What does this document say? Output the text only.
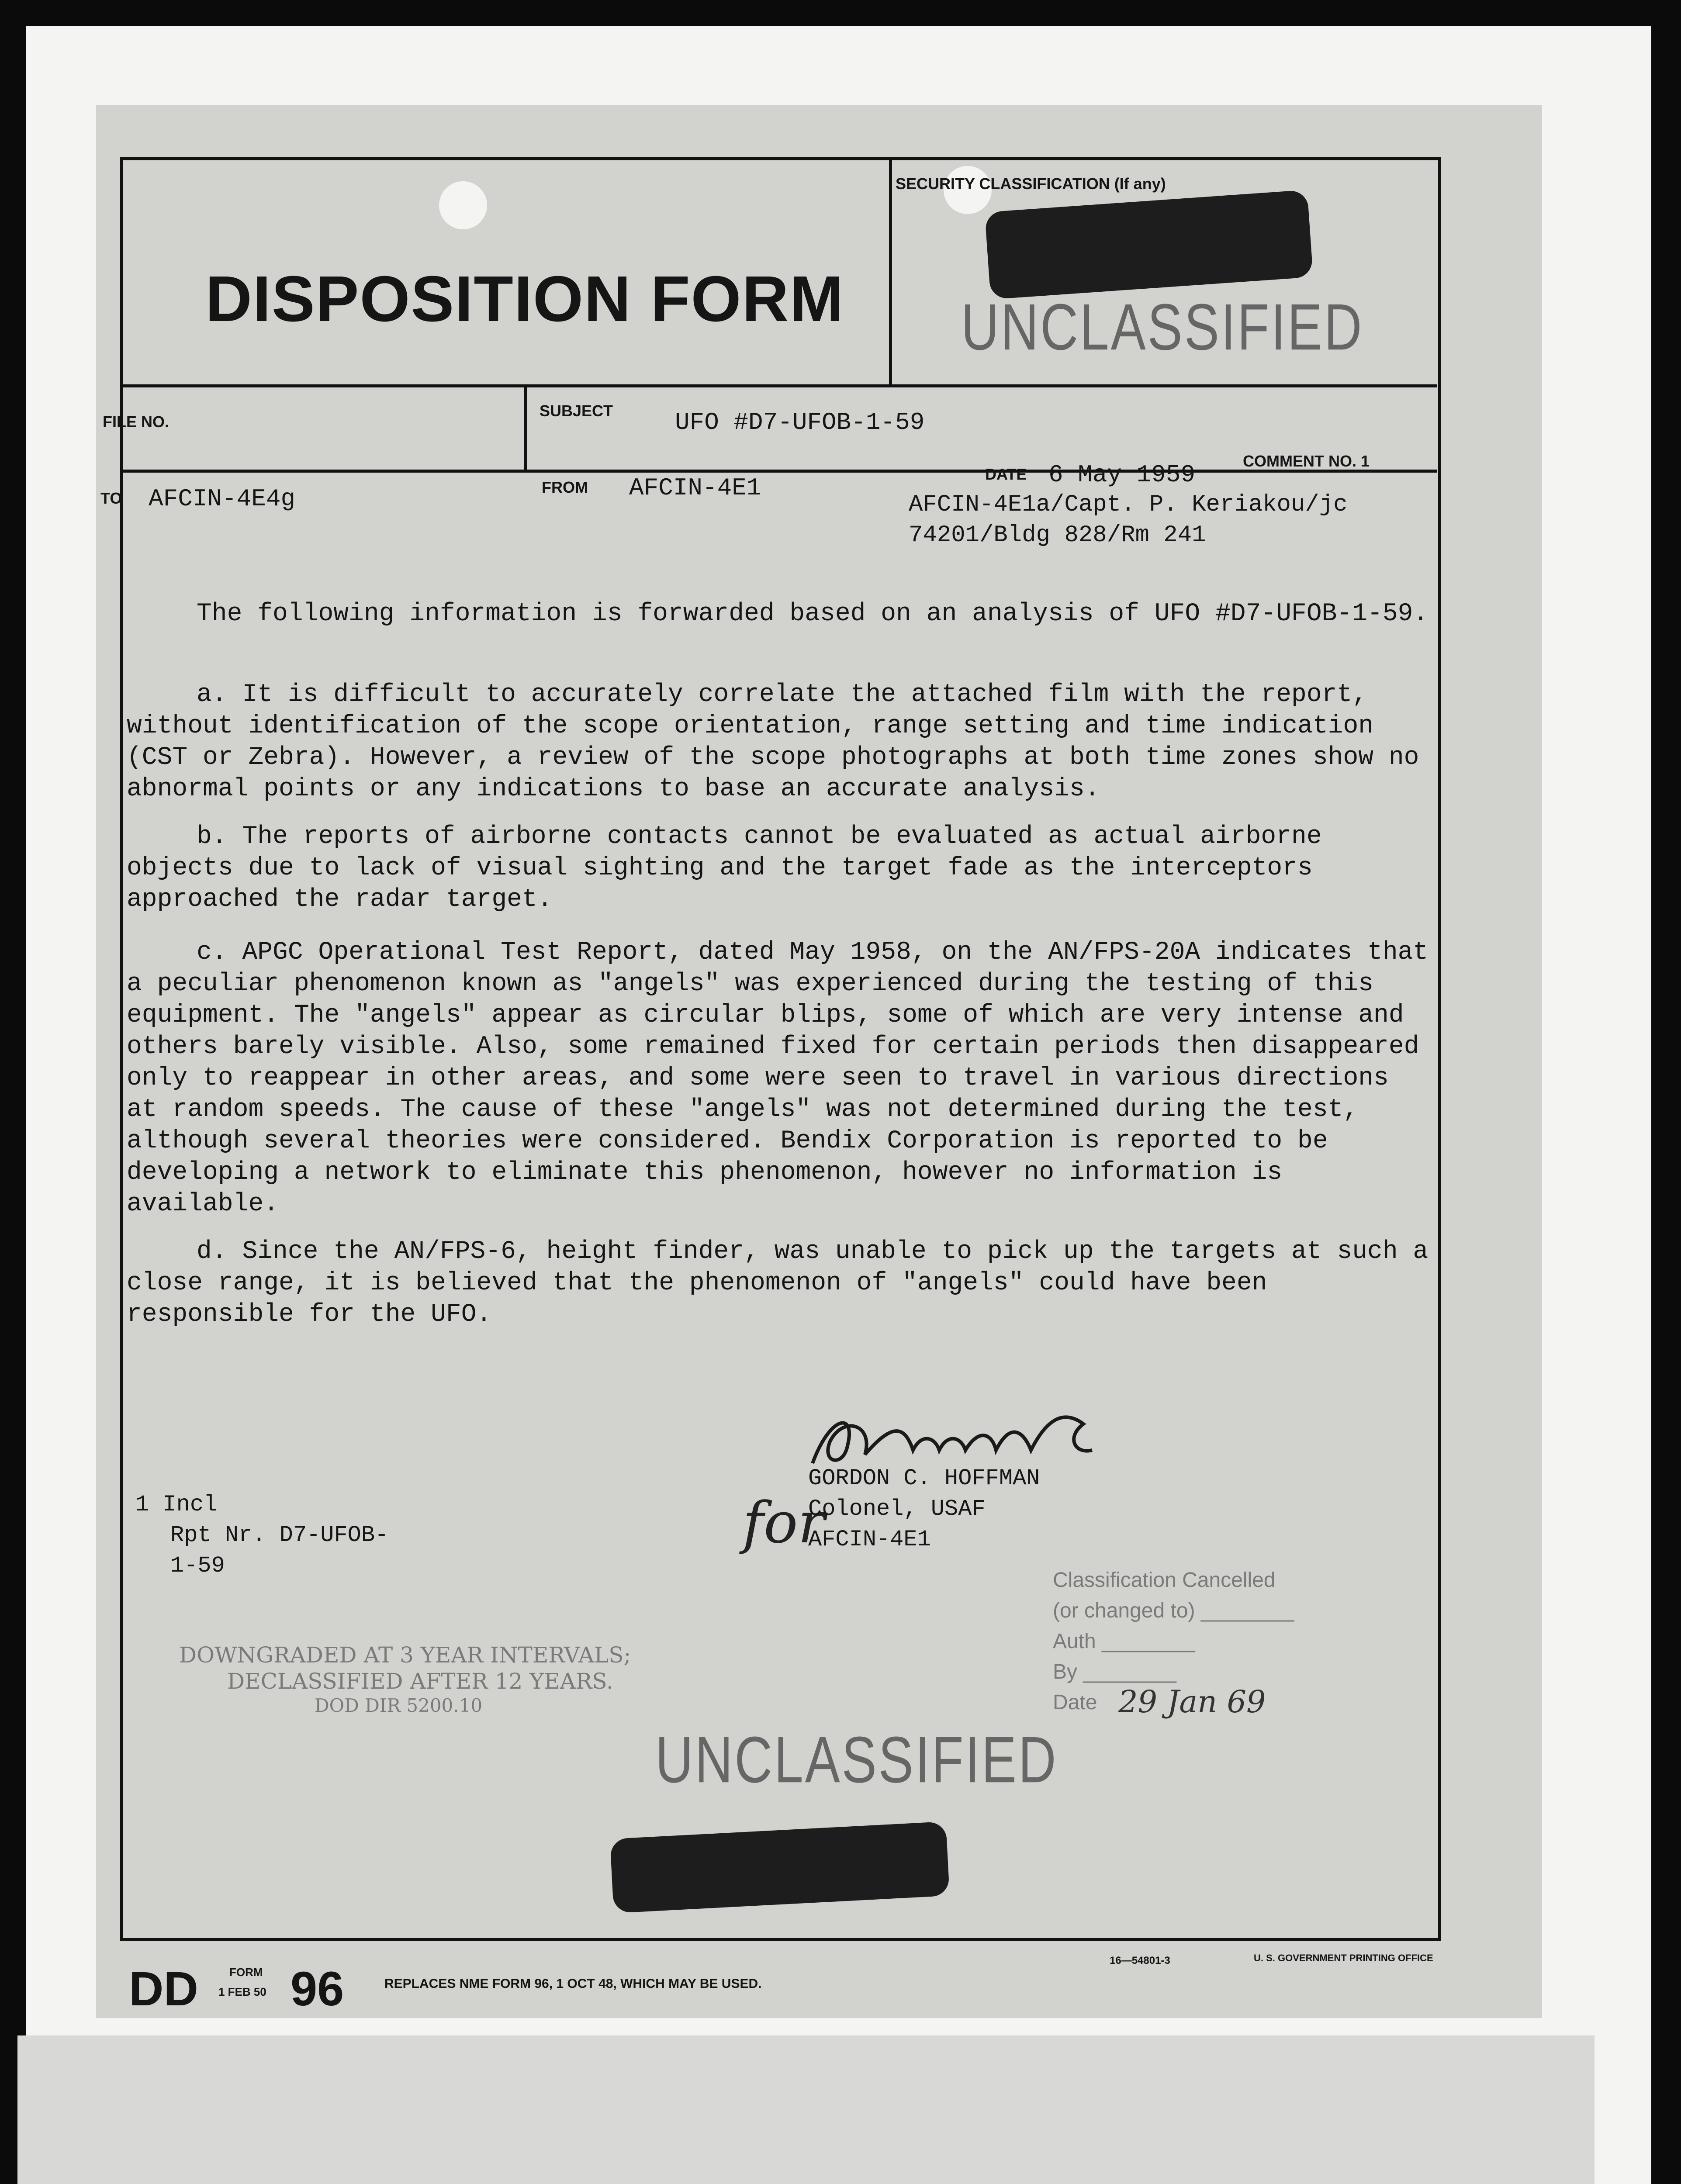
DISPOSITION FORM
SECURITY CLASSIFICATION (If any)
UNCLASSIFIED
FILE NO.
SUBJECT	UFO #D7-UFOB-1-59
TO AFCIN-4E4g	FROM AFCIN-4E1	DATE 6 May 1959	COMMENT NO. 1
AFCIN-4E1a/Capt. P. Keriakou/jc
74201/Bldg 828/Rm 241
The following information is forwarded based on an analysis of UFO #D7-UFOB-1-59.
a. It is difficult to accurately correlate the attached film with the report, without identification of the scope orientation, range setting and time indication (CST or Zebra). However, a review of the scope photographs at both time zones show no abnormal points or any indications to base an accurate analysis.
b. The reports of airborne contacts cannot be evaluated as actual airborne objects due to lack of visual sighting and the target fade as the interceptors approached the radar target.
c. APGC Operational Test Report, dated May 1958, on the AN/FPS-20A indicates that a peculiar phenomenon known as "angels" was experienced during the testing of this equipment. The "angels" appear as circular blips, some of which are very intense and others barely visible. Also, some remained fixed for certain periods then disappeared only to reappear in other areas, and some were seen to travel in various directions at random speeds. The cause of these "angels" was not determined during the test, although several theories were considered. Bendix Corporation is reported to be developing a network to eliminate this phenomenon, however no information is available.
d. Since the AN/FPS-6, height finder, was unable to pick up the targets at such a close range, it is believed that the phenomenon of "angels" could have been responsible for the UFO.
GORDON C. HOFFMAN
for
Colonel, USAF
AFCIN-4E1
1 Incl
Rpt Nr. D7-UFOB-
1-59
DOWNGRADED AT 3 YEAR INTERVALS;
DECLASSIFIED AFTER 12 YEARS.
DOD DIR 5200.10
Classification Cancelled
(or changed to) ________
Auth ________
By ________
Date 29 Jan 69
UNCLASSIFIED
DD	FORM
1 FEB 50 96	REPLACES NME FORM 96, 1 OCT 48, WHICH MAY BE USED.
16—54801-3	U. S. GOVERNMENT PRINTING OFFICE
